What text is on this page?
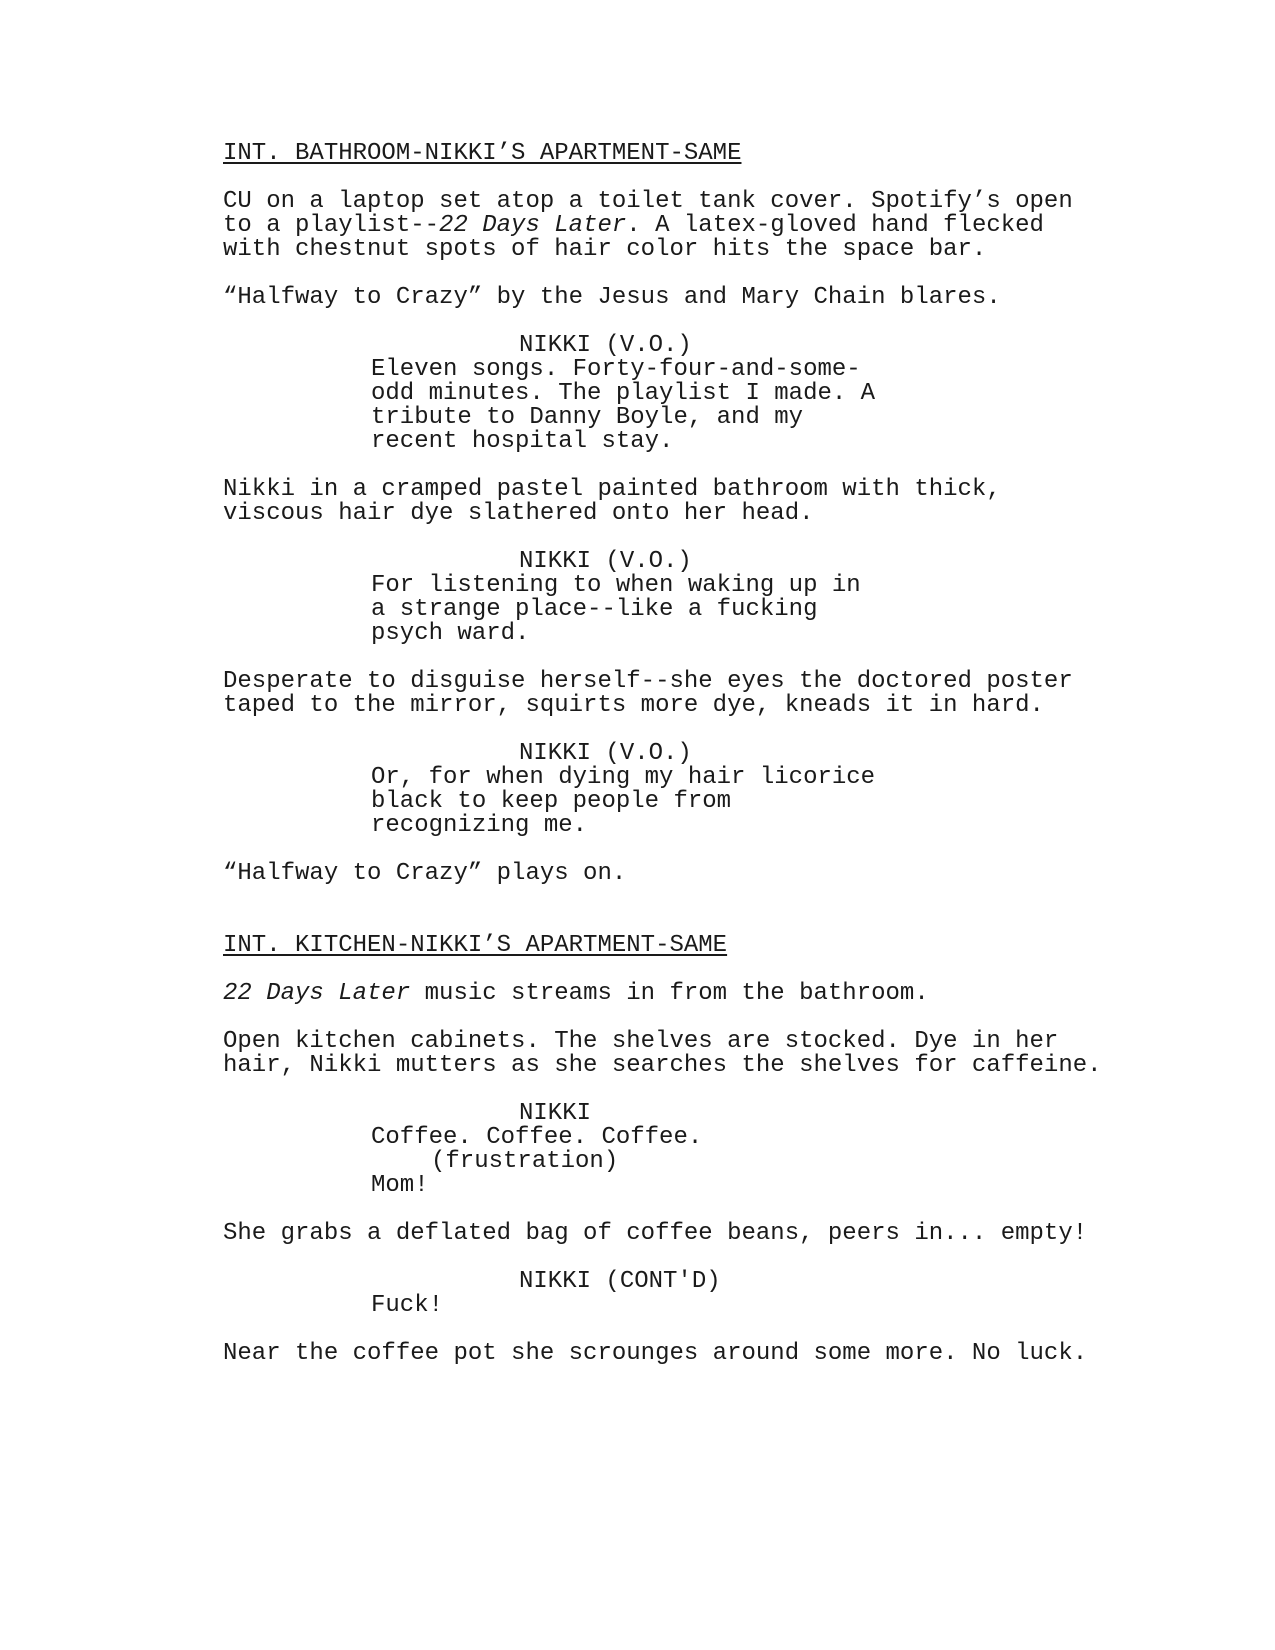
INT. BATHROOM-NIKKI’S APARTMENT-SAME
CU on a laptop set atop a toilet tank cover. Spotify’s open
to a playlist--22 Days Later. A latex-gloved hand flecked
with chestnut spots of hair color hits the space bar.
“Halfway to Crazy” by the Jesus and Mary Chain blares.
NIKKI (V.O.)
Eleven songs. Forty-four-and-some-
odd minutes. The playlist I made. A
tribute to Danny Boyle, and my
recent hospital stay.
Nikki in a cramped pastel painted bathroom with thick,
viscous hair dye slathered onto her head.
NIKKI (V.O.)
For listening to when waking up in
a strange place--like a fucking
psych ward.
Desperate to disguise herself--she eyes the doctored poster
taped to the mirror, squirts more dye, kneads it in hard.
NIKKI (V.O.)
Or, for when dying my hair licorice
black to keep people from
recognizing me.
“Halfway to Crazy” plays on.
INT. KITCHEN-NIKKI’S APARTMENT-SAME
22 Days Later music streams in from the bathroom.
Open kitchen cabinets. The shelves are stocked. Dye in her
hair, Nikki mutters as she searches the shelves for caffeine.
NIKKI
Coffee. Coffee. Coffee.
(frustration)
Mom!
She grabs a deflated bag of coffee beans, peers in... empty!
NIKKI (CONT'D)
Fuck!
Near the coffee pot she scrounges around some more. No luck.
